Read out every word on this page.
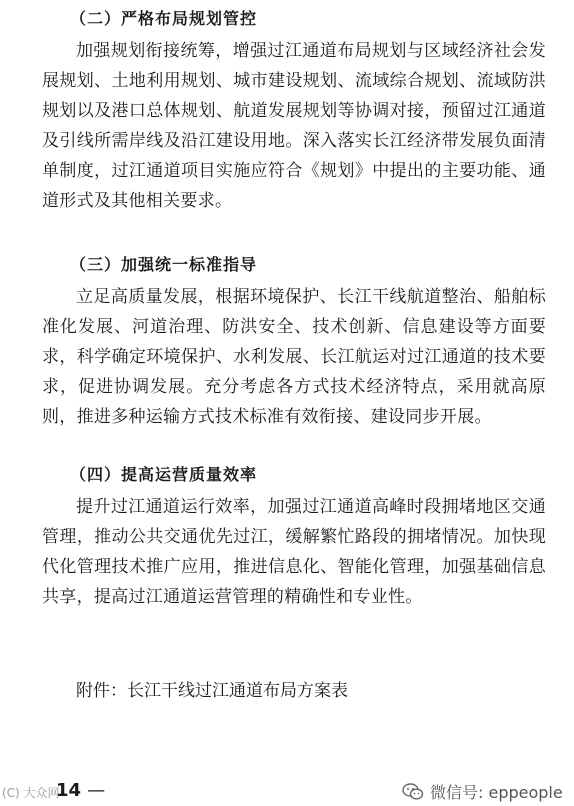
（二）严格布局规划管控
加强规划衔接统筹，增强过江通道布局规划与区域经济社会发展规划、土地利用规划、城市建设规划、流域综合规划、流域防洪规划以及港口总体规划、航道发展规划等协调对接，预留过江通道及引线所需岸线及沿江建设用地。深入落实长江经济带发展负面清单制度，过江通道项目实施应符合《规划》中提出的主要功能、通道形式及其他相关要求。
（三）加强统一标准指导
立足高质量发展，根据环境保护、长江干线航道整治、船舶标准化发展、河道治理、防洪安全、技术创新、信息建设等方面要求，科学确定环境保护、水利发展、长江航运对过江通道的技术要求，促进协调发展。充分考虑各方式技术经济特点，采用就高原则，推进多种运输方式技术标准有效衔接、建设同步开展。
（四）提高运营质量效率
提升过江通道运行效率，加强过江通道高峰时段拥堵地区交通管理，推动公共交通优先过江，缓解繁忙路段的拥堵情况。加快现代化管理技术推广应用，推进信息化、智能化管理，加强基础信息共享，提高过江通道运营管理的精确性和专业性。
附件：长江干线过江通道布局方案表
(C) 大众网
14 —	微信号: eppeople
